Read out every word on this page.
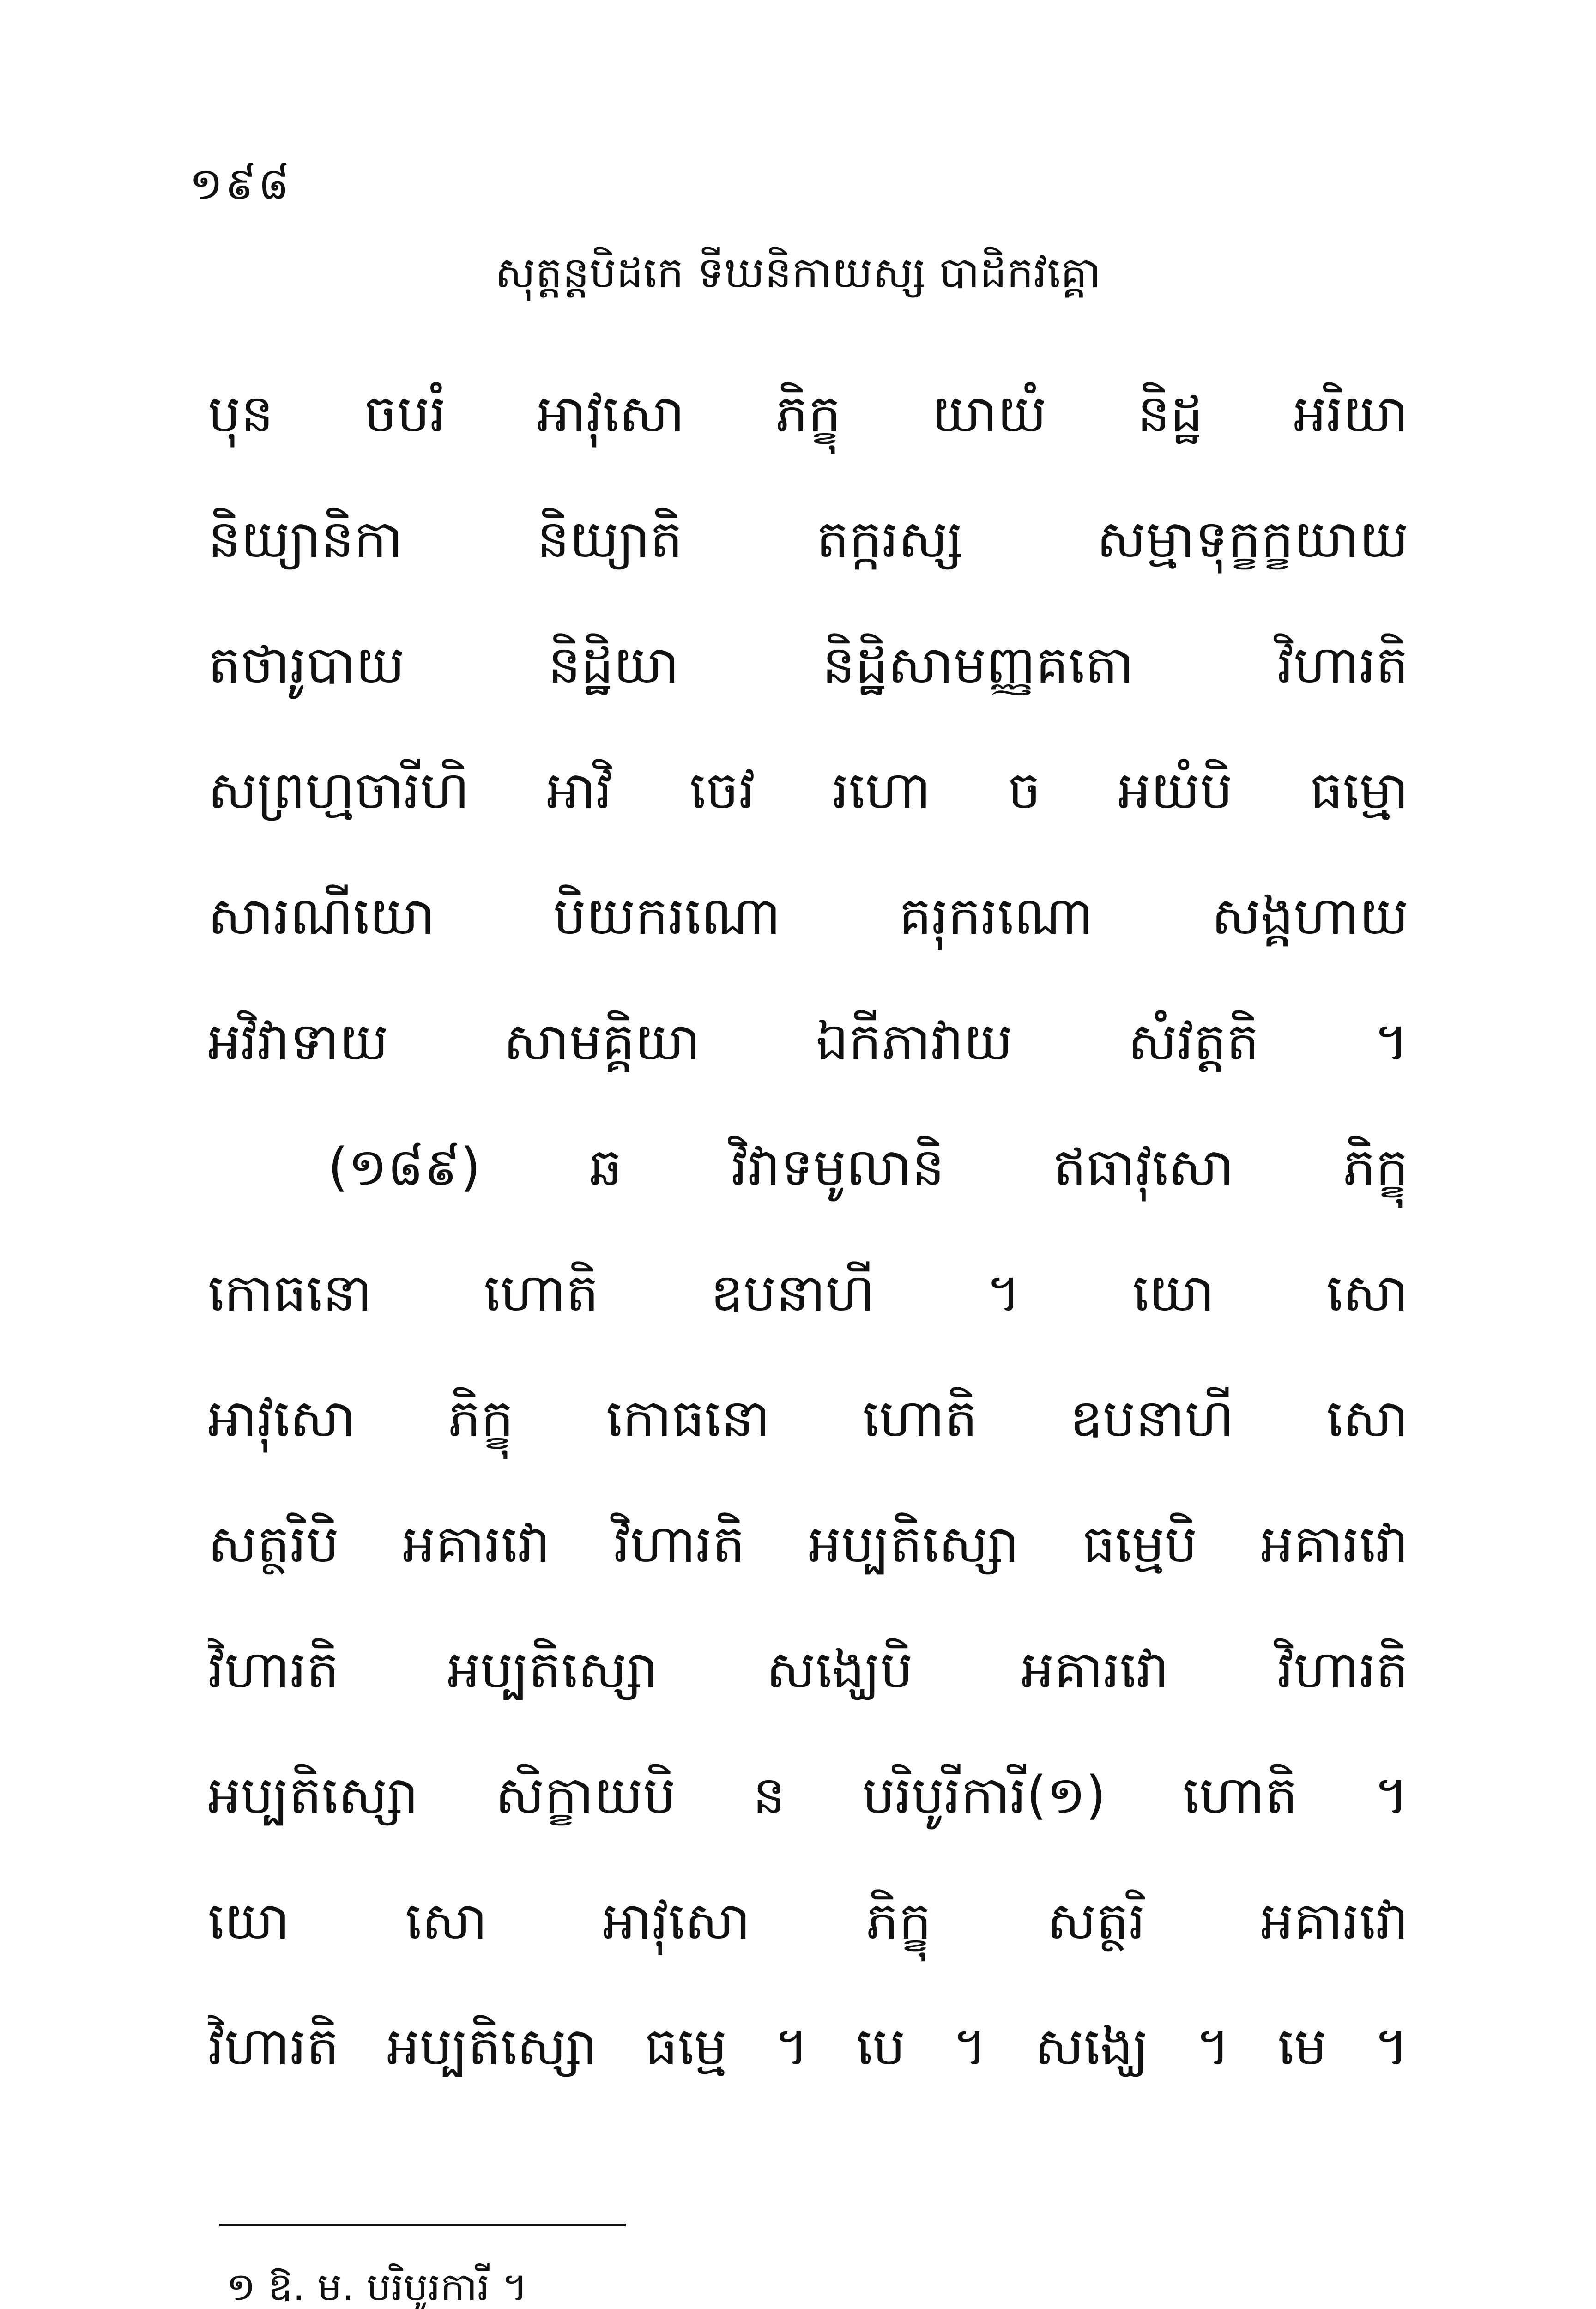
១៩៨
សុត្តន្តបិដកេ ទីឃនិកាយស្ស បាដិកវគ្គោ
បុន ចបរំ អាវុសោ ភិក្ខុ យាយំ និដ្ឋ អរិយា
និយ្យានិកា និយ្យាតិ តក្ករស្ស សម្មាទុក្ខក្ខយាយ
តថារូបាយ និដ្ឋិយា និដ្ឋិសាមញ្ញគតោ វិហារតិ
សព្រហ្មចារីហិ អាវិ ចេវ រហោ ច អយំបិ ធម្មោ
សារណីយោ បិយករណោ គរុករណោ សង្គហាយ
អវិវាទាយ សាមគ្គិយា ឯកីភាវាយ សំវត្តតិ ។
(១៨៩) ឆ វិវាទមូលានិ ឥធាវុសោ ភិក្ខុ
កោធនោ ហោតិ ឧបនាហី ។ យោ សោ
អាវុសោ ភិក្ខុ កោធនោ ហោតិ ឧបនាហី សោ
សត្ថរិបិ អគារវោ វិហារតិ អប្បតិស្សោ ធម្មេបិ អគារវោ
វិហារតិ អប្បតិស្សោ សង្ឃេបិ អគារវោ វិហារតិ
អប្បតិស្សោ សិក្ខាយបិ ន បរិបូរីការី(១) ហោតិ ។
យោ សោ អាវុសោ ភិក្ខុ សត្ថរិ អគារវោ
វិហារតិ អប្បតិស្សោ ធម្មេ ។ បេ ។ សង្ឃេ ។ មេ ។
១ ឱ. ម. បរិបូរការី ។
